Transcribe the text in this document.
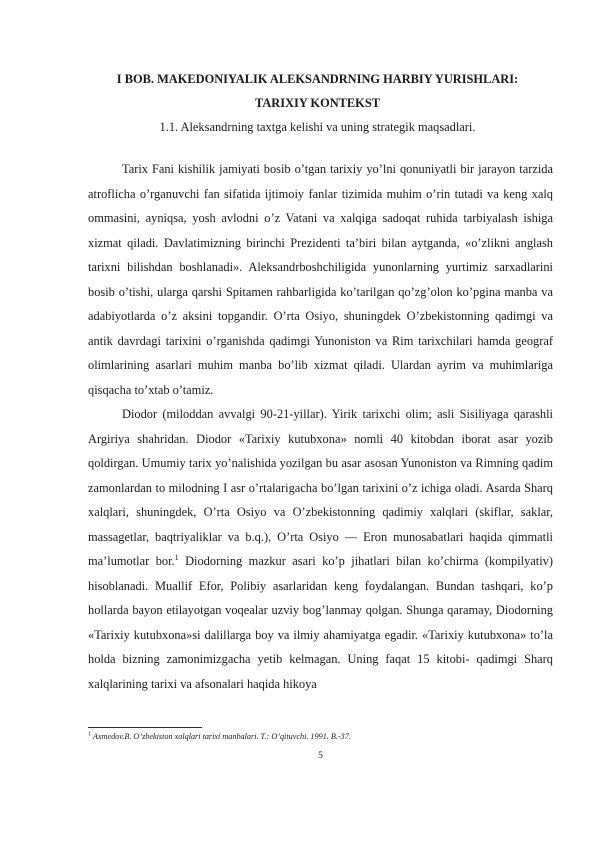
I BOB. MAKEDONIYALIK ALEKSANDRNING HARBIY YURISHLARI:
TARIXIY KONTEKST
1.1. Aleksandrning taxtga kelishi va uning strategik maqsadlari.

Tarix Fani kishilik jamiyati bosib o’tgan tarixiy yo’lni qonuniyatli bir jarayon tarzida atroflicha o’rganuvchi fan sifatida ijtimoiy fanlar tizimida muhim o’rin tutadi va keng xalq ommasini, ayniqsa, yosh avlodni o’z Vatani va xalqiga sadoqat ruhida tarbiyalash ishiga xizmat qiladi. Davlatimizning birinchi Prezidenti ta’biri bilan aytganda, «o’zlikni anglash tarixni bilishdan boshlanadi». Aleksandrboshchiligida yunonlarning yurtimiz sarxadlarini bosib o’tishi, ularga qarshi Spitamen rahbarligida ko’tarilgan qo’zg’olon ko’pgina manba va adabiyotlarda o’z aksini topgandir. O’rta Osiyo, shuningdek O’zbekistonning qadimgi va antik davrdagi tarixini o’rganishda qadimgi Yunoniston va Rim tarixchilari hamda geograf olimlarining asarlari muhim manba bo’lib xizmat qiladi. Ulardan ayrim va muhimlariga qisqacha to’xtab o’tamiz.

Diodor (miloddan avvalgi 90-21-yillar). Yirik tarixchi olim; asli Sisiliyaga qarashli Argiriya shahridan. Diodor «Tarixiy kutubxona» nomli 40 kitobdan iborat asar yozib qoldirgan. Umumiy tarix yo’nalishida yozilgan bu asar asosan Yunoniston va Rimning qadim zamonlardan to milodning I asr o’rtalarigacha bo’lgan tarixini o’z ichiga oladi. Asarda Sharq xalqlari, shuningdek, O’rta Osiyo va O’zbekistonning qadimiy xalqlari (skiflar, saklar, massagetlar, baqtriyaliklar va b.q.), O’rta Osiyo — Eron munosabatlari haqida qimmatli ma’lumotlar bor.$^1$ Diodorning mazkur asari ko’p jihatlari bilan ko’chirma (kompilyativ) hisoblanadi. Muallif Efor, Polibiy asarlaridan keng foydalangan. Bundan tashqari, ko’p hollarda bayon etilayotgan voqealar uzviy bog’lanmay qolgan. Shunga qaramay, Diodorning «Tarixiy kutubxona»si dalillarga boy va ilmiy ahamiyatga egadir. «Tarixiy kutubxona» to’la holda bizning zamonimizgacha yetib kelmagan. Uning faqat 15 kitobi- qadimgi Sharq xalqlarining tarixi va afsonalari haqida hikoya

$^1$ Axmedov.B. O’zbekiston xalqlari tarixi manbalari. T.: O’qituvchi. 1991. B.-37.
5
